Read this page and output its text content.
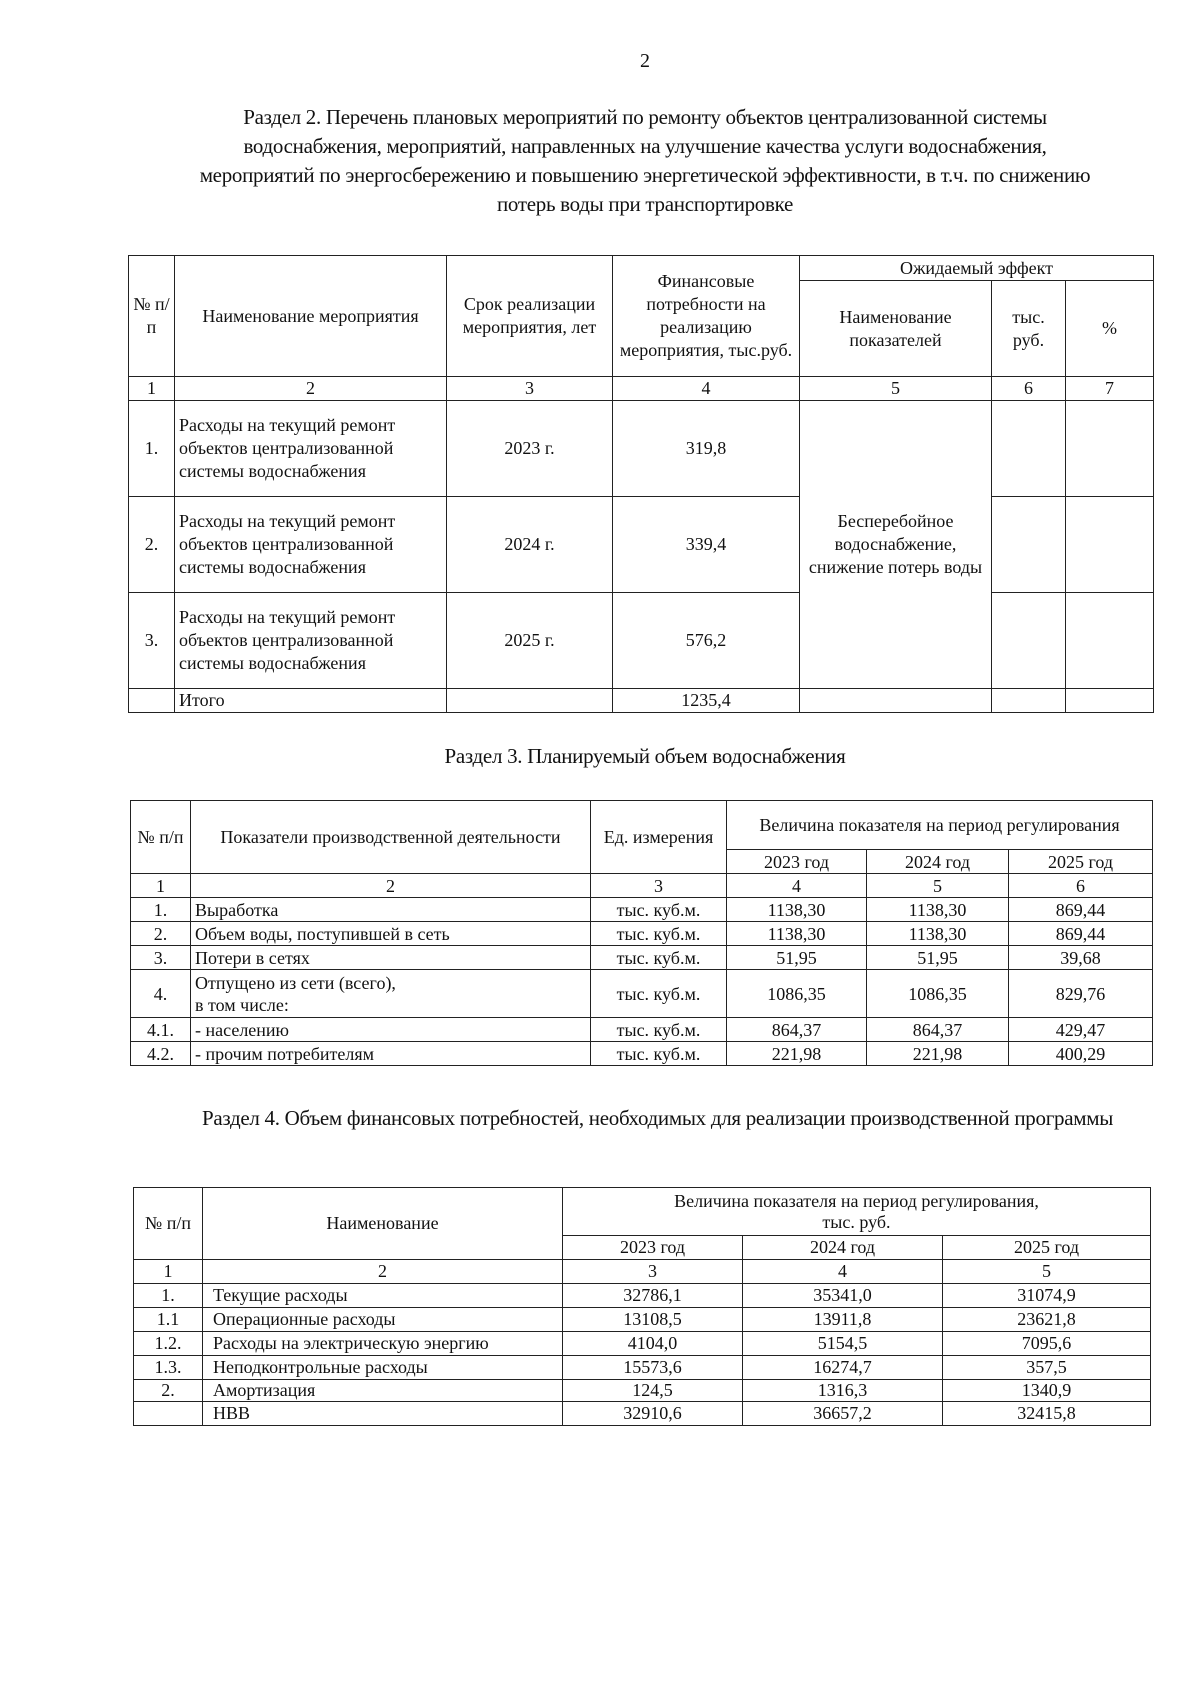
2
Раздел 2. Перечень плановых мероприятий по ремонту объектов централизованной системы
водоснабжения, мероприятий, направленных на улучшение качества услуги водоснабжения,
мероприятий по энергосбережению и повышению энергетической эффективности, в т.ч. по снижению
потерь воды при транспортировке
№ п/п	Наименование мероприятия	Срок реализации мероприятия, лет	Финансовые потребности на реализацию мероприятия, тыс.руб.	Ожидаемый эффект		
				Наименование показателей	тыс. руб.	%
1	2	3	4	5	6	7
1.	Расходы на текущий ремонт объектов централизованной системы водоснабжения	2023 г.	319,8	Бесперебойное водоснабжение, снижение потерь воды		
2.	Расходы на текущий ремонт объектов централизованной системы водоснабжения	2024 г.	339,4			
3.	Расходы на текущий ремонт объектов централизованной системы водоснабжения	2025 г.	576,2			
	Итого		1235,4			
Раздел 3. Планируемый объем водоснабжения
№ п/п	Показатели производственной деятельности	Ед. измерения	Величина показателя на период регулирования		
			2023 год	2024 год	2025 год
1	2	3	4	5	6
1.	Выработка	тыс. куб.м.	1138,30	1138,30	869,44
2.	Объем воды, поступившей в сеть	тыс. куб.м.	1138,30	1138,30	869,44
3.	Потери в сетях	тыс. куб.м.	51,95	51,95	39,68
4.	Отпущено из сети (всего),
в том числе:	тыс. куб.м.	1086,35	1086,35	829,76
4.1.	- населению	тыс. куб.м.	864,37	864,37	429,47
4.2.	- прочим потребителям	тыс. куб.м.	221,98	221,98	400,29
Раздел 4. Объем финансовых потребностей, необходимых для реализации производственной программы
№ п/п	Наименование	Величина показателя на период регулирования,
тыс. руб.		

		2023 год	2024 год	2025 год
1	2	3	4	5
1.	Текущие расходы	32786,1	35341,0	31074,9
1.1	Операционные расходы	13108,5	13911,8	23621,8
1.2.	Расходы на электрическую энергию	4104,0	5154,5	7095,6
1.3.	Неподконтрольные расходы	15573,6	16274,7	357,5
2.	Амортизация	124,5	1316,3	1340,9
	НВВ	32910,6	36657,2	32415,8
